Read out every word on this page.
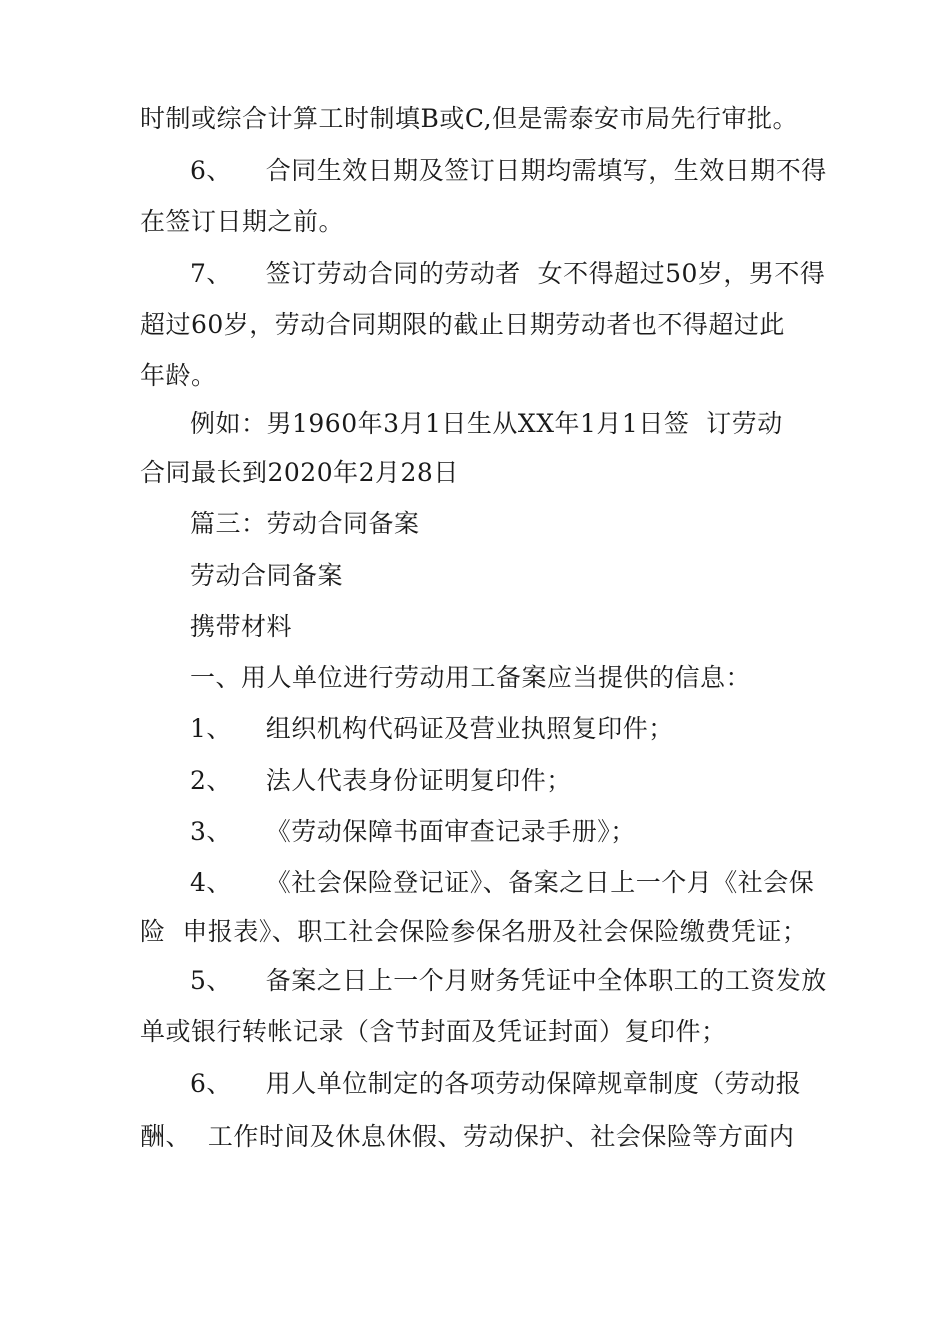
时制或综合计算工时制填B或C,但是需泰安市局先行审批。
6、    合同生效日期及签订日期均需填写，生效日期不得
在签订日期之前。
7、    签订劳动合同的劳动者  女不得超过50岁，男不得
超过60岁，劳动合同期限的截止日期劳动者也不得超过此
年龄。
例如：男1960年3月1日生从XX年1月1日签  订劳动
合同最长到2020年2月28日
篇三：劳动合同备案
劳动合同备案
携带材料
一、用人单位进行劳动用工备案应当提供的信息：
1、    组织机构代码证及营业执照复印件；
2、    法人代表身份证明复印件；
3、    《劳动保障书面审查记录手册》；
4、    《社会保险登记证》、备案之日上一个月《社会保
险  申报表》、职工社会保险参保名册及社会保险缴费凭证；
5、    备案之日上一个月财务凭证中全体职工的工资发放
单或银行转帐记录（含节封面及凭证封面）复印件；
6、    用人单位制定的各项劳动保障规章制度（劳动报
酬、  工作时间及休息休假、劳动保护、社会保险等方面内
